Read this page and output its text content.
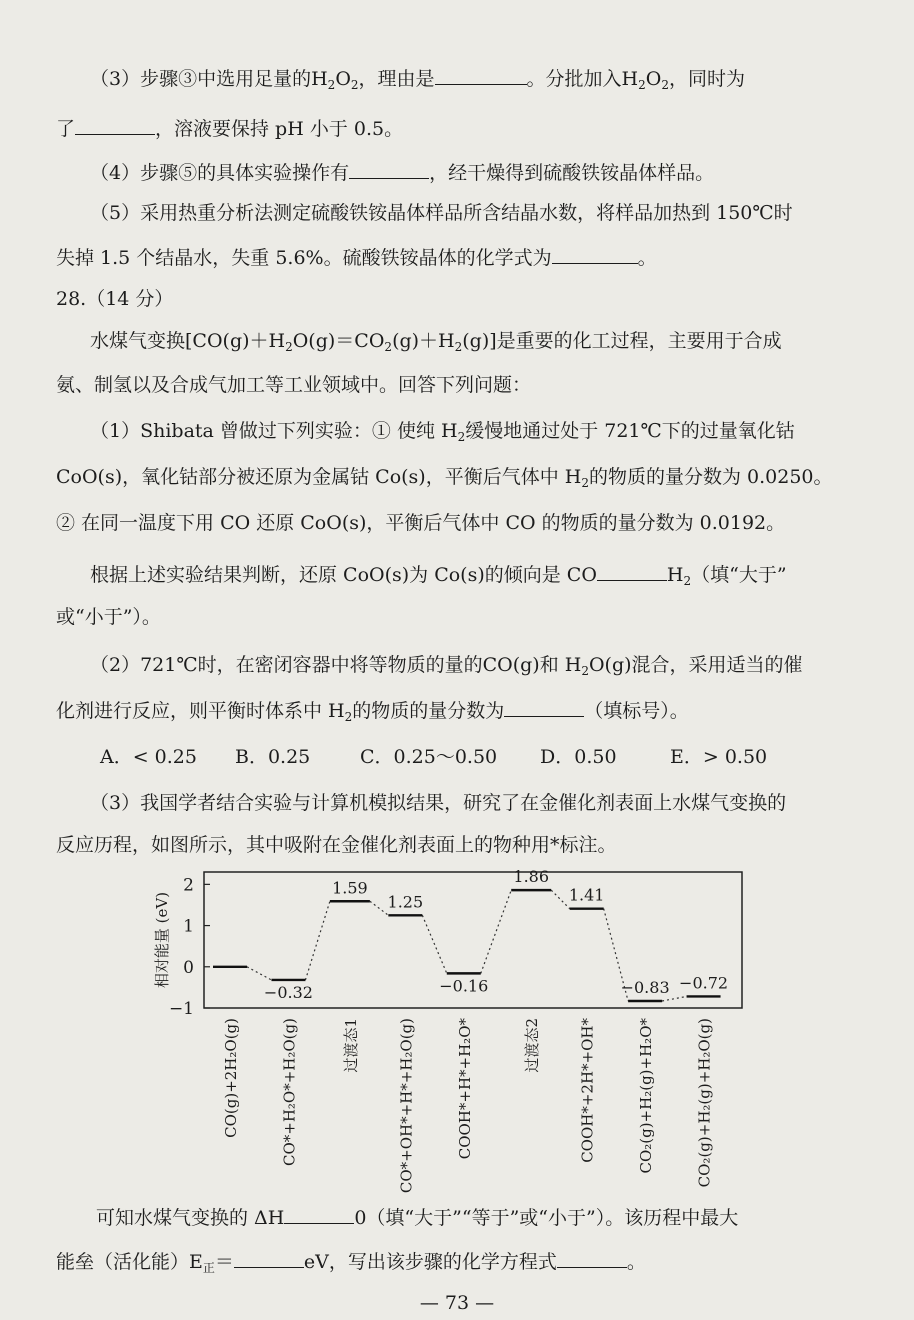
（3）步骤③中选用足量的$H_2O_2$，理由是	。分批加入$H_2O_2$，同时为
了	，溶液要保持 pH 小于 0.5。
（4）步骤⑤的具体实验操作有	，经干燥得到硫酸铁铵晶体样品。
（5）采用热重分析法测定硫酸铁铵晶体样品所含结晶水数，将样品加热到 150℃时
失掉 1.5 个结晶水，失重 5.6%。硫酸铁铵晶体的化学式为	。
28.（14 分）
水煤气变换$[CO(g)+H_2O(g)=CO_2(g)+H_2(g)]$是重要的化工过程，主要用于合成
氨、制氢以及合成气加工等工业领域中。回答下列问题：
（1）Shibata 曾做过下列实验：① 使纯 $H_2$缓慢地通过处于 721℃下的过量氧化钴
CoO(s)，氧化钴部分被还原为金属钴 Co(s)，平衡后气体中 $H_2$的物质的量分数为 0.0250。
② 在同一温度下用 CO 还原 CoO(s)，平衡后气体中 CO 的物质的量分数为 0.0192。
根据上述实验结果判断，还原 CoO(s)为 Co(s)的倾向是 CO	$H_2$（填“大于”
或“小于”）。
（2）721℃时，在密闭容器中将等物质的量的CO(g)和 $H_2O(g)$混合，采用适当的催
化剂进行反应，则平衡时体系中 $H_2$的物质的量分数为	（填标号）。
A．< 0.25 B．0.25	C．0.25～0.50 D．0.50	E．> 0.50
（3）我国学者结合实验与计算机模拟结果，研究了在金催化剂表面上水煤气变换的
反应历程，如图所示，其中吸附在金催化剂表面上的物种用*标注。
2
1
0
−1
相对能量 (eV)
−0.32
1.59
1.25
−0.16
1.86
1.41
−0.83 −0.72
CO(g)+2H₂O(g)	CO*+H₂O*+H₂O(g)	过渡态1 CO*+OH*+H*+H₂O(g)	COOH*+H*+H₂O*	过渡态2 COOH*+2H*+OH*	CO₂(g)+H₂(g)+H₂O*	CO₂(g)+H₂(g)+H₂O(g)
可知水煤气变换的 ΔH	0（填“大于”“等于”或“小于”）。该历程中最大
能垒（活化能）$E_正=$	eV，写出该步骤的化学方程式	。
— 73 —
